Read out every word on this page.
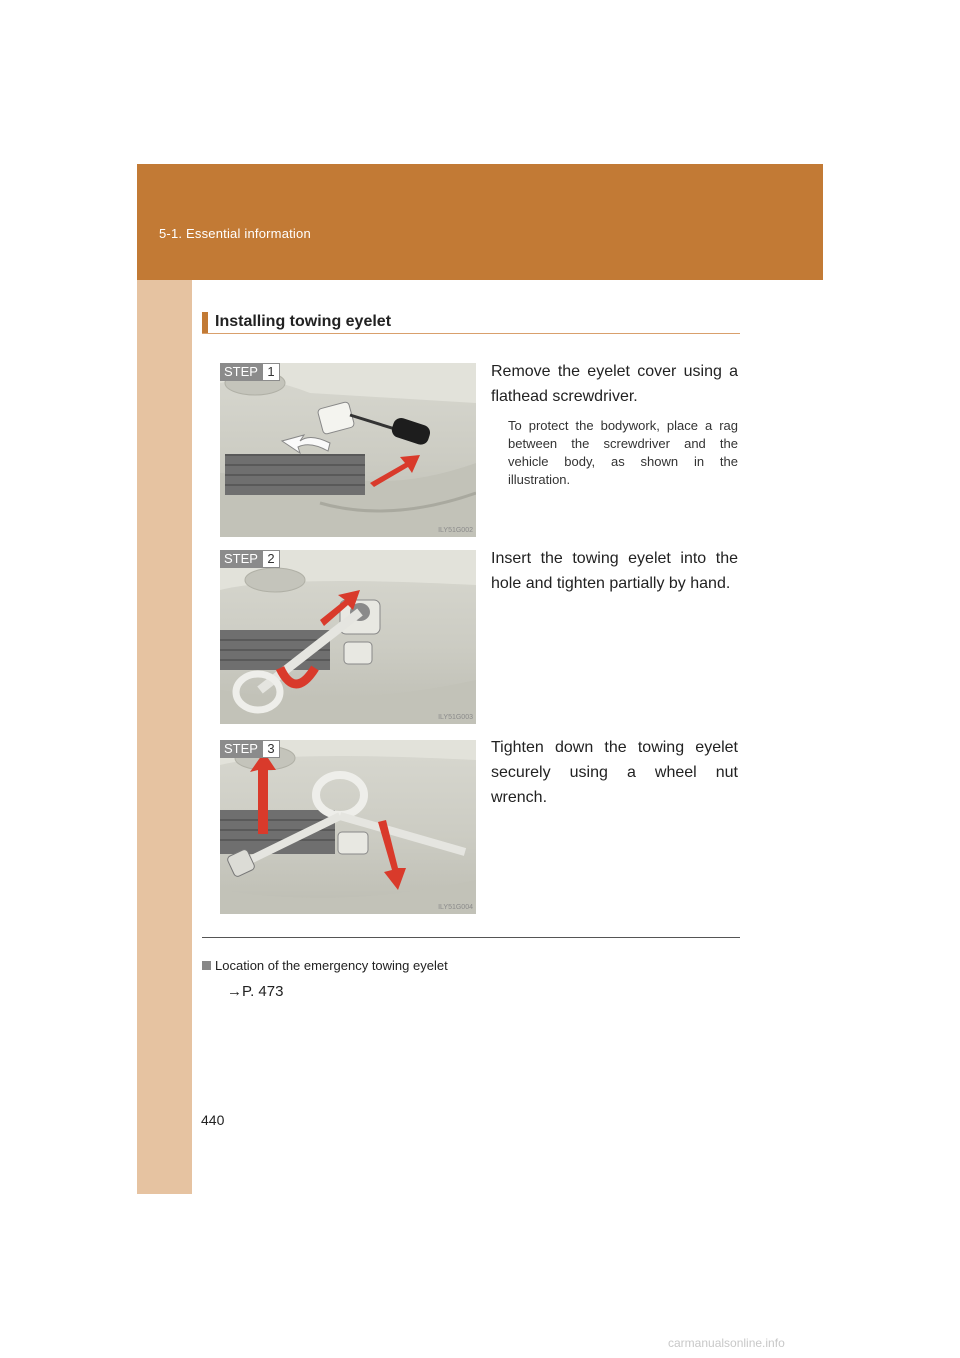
5-1. Essential information
440
Installing towing eyelet
STEP 1
ILY51G002
Remove the eyelet cover using a flathead screwdriver.
To protect the bodywork, place a rag between the screwdriver and the vehicle body, as shown in the illustration.
STEP 2
ILY51G003
Insert the towing eyelet into the hole and tighten partially by hand.
STEP 3
ILY51G004
Tighten down the towing eyelet securely using a wheel nut wrench.
Location of the emergency towing eyelet
→P. 473
carmanualsonline.info
